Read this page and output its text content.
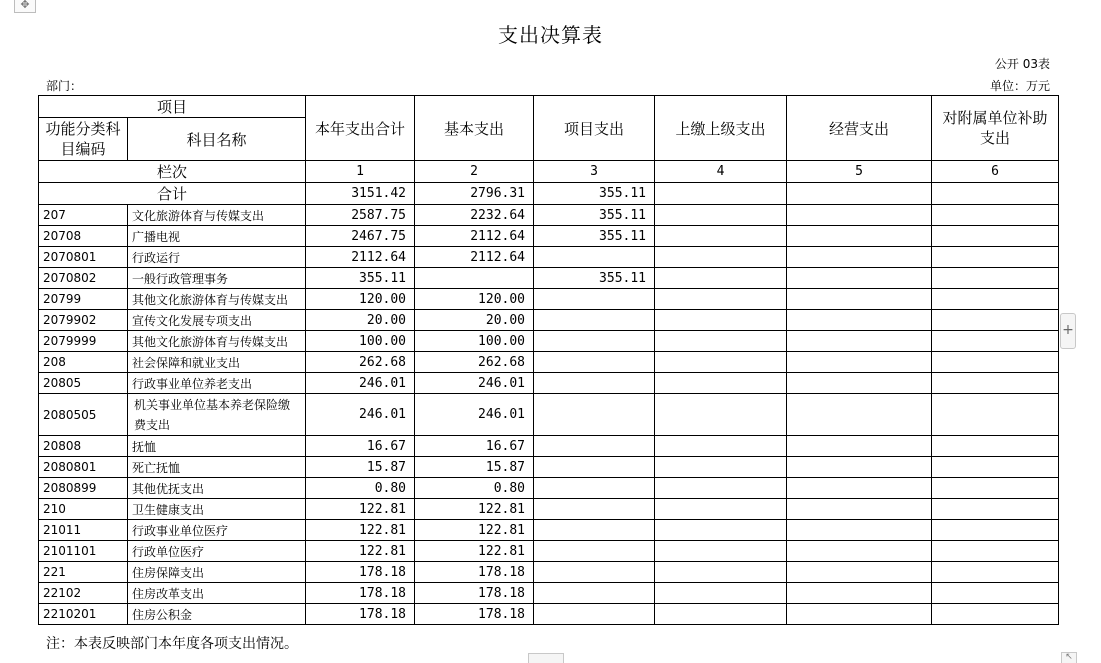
✥
支出决算表
公开 03表
部门：	单位：万元
项目		本年支出合计	基本支出	项目支出	上缴上级支出	经营支出	对附属单位补助支出
功能分类科目编码	科目名称						
栏次		1	2	3	4	5	6
合计		3151.42	2796.31	355.11			
207	文化旅游体育与传媒支出	2587.75	2232.64	355.11			
20708	广播电视	2467.75	2112.64	355.11			
2070801	行政运行	2112.64	2112.64				
2070802	一般行政管理事务	355.11		355.11			
20799	其他文化旅游体育与传媒支出	120.00	120.00				
2079902	宣传文化发展专项支出	20.00	20.00				
2079999	其他文化旅游体育与传媒支出	100.00	100.00				
208	社会保障和就业支出	262.68	262.68				
20805	行政事业单位养老支出	246.01	246.01				
2080505	机关事业单位基本养老保险缴费支出	246.01	246.01				
20808	抚恤	16.67	16.67				
2080801	死亡抚恤	15.87	15.87				
2080899	其他优抚支出	0.80	0.80				
210	卫生健康支出	122.81	122.81				
21011	行政事业单位医疗	122.81	122.81				
2101101	行政单位医疗	122.81	122.81				
221	住房保障支出	178.18	178.18				
22102	住房改革支出	178.18	178.18				
2210201	住房公积金	178.18	178.18				
注：本表反映部门本年度各项支出情况。
+
↖
